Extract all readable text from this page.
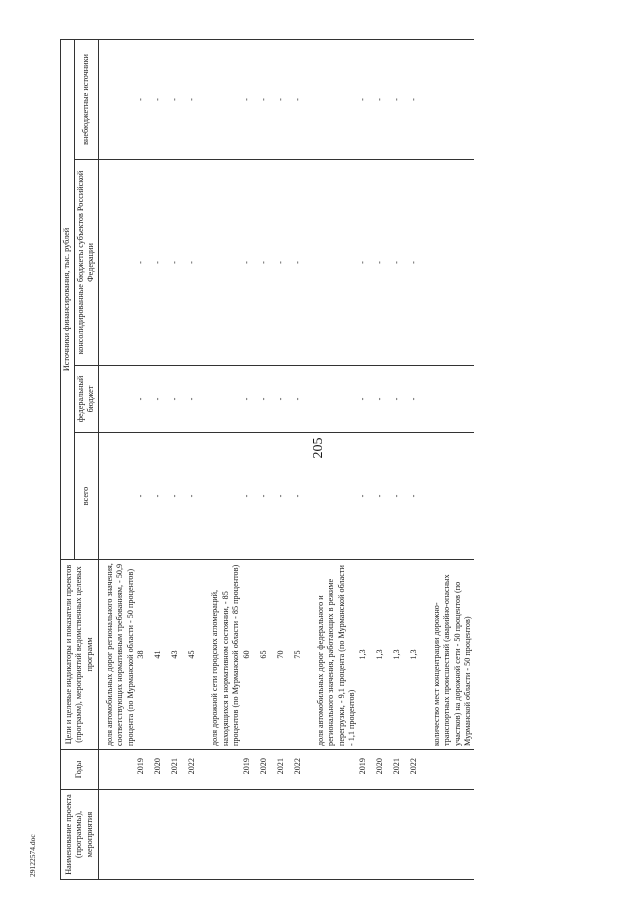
205
29122574.doc	Наименование проекта (программы), мероприятия	Годы	Цели и целевые индикаторы и показатели проектов (программ), мероприятий ведомственных целевых программ	Источники финансирования, тыс. рублей			
			всего	федеральный бюджет	консолидированные бюджеты субъектов Российской Федерации	внебюджетные источники
		доля автомобильных дорог регионального значения, соответствующих нормативным требованиям, - 50,9 процента (по Мурманской области - 50 процентов)				
	2019	38	-	-	-	-
	2020	41	-	-	-	-
	2021	43	-	-	-	-
	2022	45	-	-	-	-
		доля дорожной сети городских агломераций, находящихся в нормативном состоянии, - 85 процентов (по Мурманской области - 85 процентов)				
	2019	60	-	-	-	-
	2020	65	-	-	-	-
	2021	70	-	-	-	-
	2022	75	-	-	-	-
		доля автомобильных дорог федерального и регионального значения, работающих в режиме перегрузки, - 9,1 процента (по Мурманской области - 1,1 процентов)				
	2019	1,3	-	-	-	-
	2020	1,3	-	-	-	-
	2021	1,3	-	-	-	-
	2022	1,3	-	-	-	-
		количество мест концентрации дорожно-транспортных происшествий (аварийно-опасных участков) на дорожной сети - 50 процентов (по Мурманской области - 50 процентов)				
